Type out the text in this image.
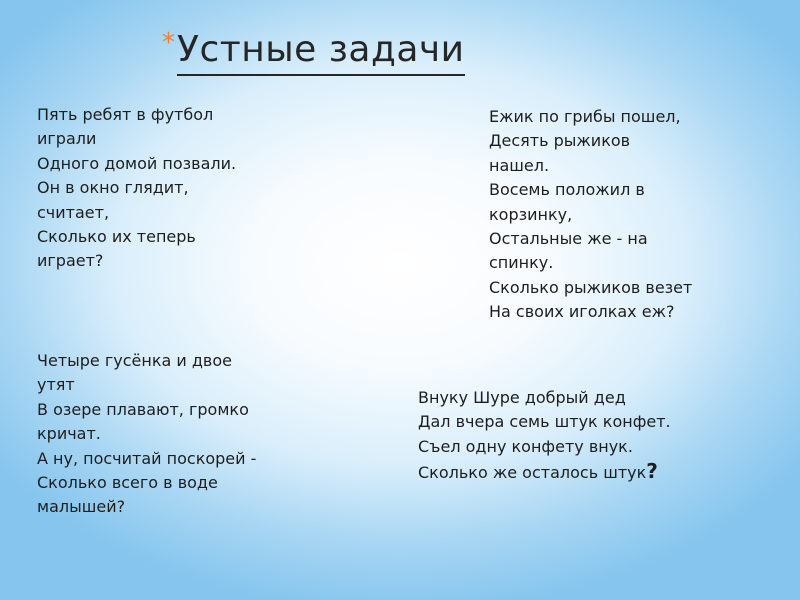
* Устные задачи
Пять ребят в футбол
играли
Одного домой позвали.
Он в окно глядит,
считает,
Сколько их теперь
играет?
Ежик по грибы пошел,
Десять рыжиков
нашел.
Восемь положил в
корзинку,
Остальные же - на
спинку.
Сколько рыжиков везет
На своих иголках еж?
Четыре гусёнка и двое
утят
В озере плавают, громко
кричат.
А ну, посчитай поскорей -
Сколько всего в воде
малышей?
Внуку Шуре добрый дед
Дал вчера семь штук конфет.
Съел одну конфету внук.
Сколько же осталось штук?
